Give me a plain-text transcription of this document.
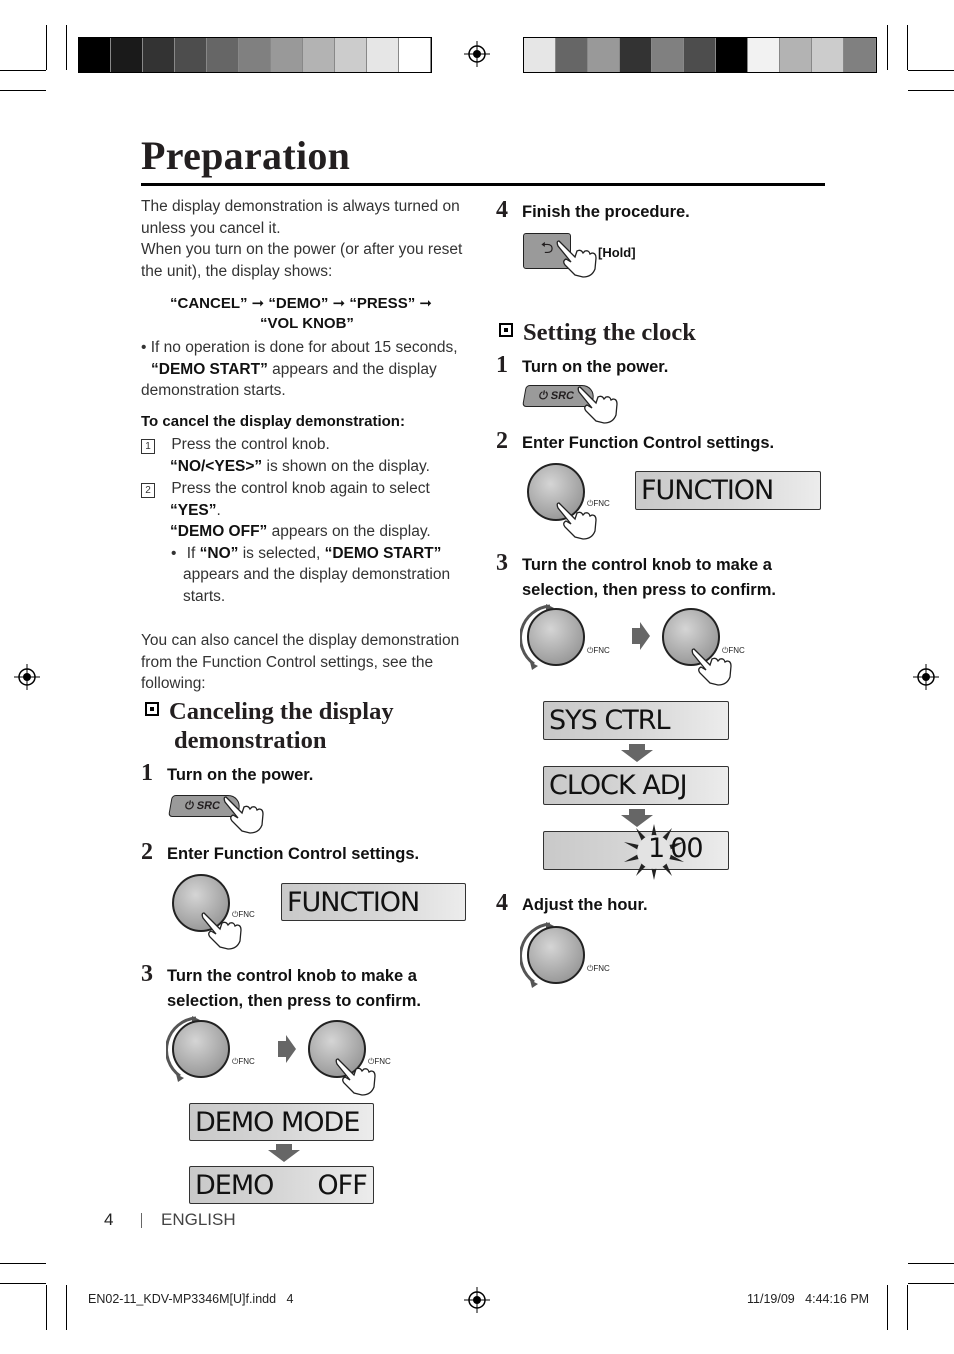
Preparation
The display demonstration is always turned on unless you cancel it.
When you turn on the power (or after you reset the unit), the display shows:
“CANCEL” ➞ “DEMO” ➞ “PRESS” ➞
“VOL KNOB”
• If no operation is done for about 15 seconds,
“DEMO START” appears and the display demonstration starts.
To cancel the display demonstration:
1 Press the control knob.
“NO/<YES>” is shown on the display.
2 Press the control knob again to select
“YES”.
“DEMO OFF” appears on the display.
• If “NO” is selected, “DEMO START”
appears and the display demonstration starts.
You can also cancel the display demonstration from the Function Control settings, see the following:
Canceling the display
demonstration
1 Turn on the power.
⏻ SRC
2 Enter Function Control settings.
⏻FNC FUNCTION
3 Turn the control knob to make a
selection, then press to confirm.
⏻FNC	⏻FNC
DEMO MODE
DEMO OFF
4 Finish the procedure.
⮌	[Hold]
Setting the clock
1 Turn on the power.
⏻ SRC
2 Enter Function Control settings.
⏻FNC FUNCTION
3 Turn the control knob to make a
selection, then press to confirm.
⏻FNC	⏻FNC
SYS CTRL
CLOCK ADJ
1 00
4 Adjust the hour.
⏻FNC
4	ENGLISH
EN02-11_KDV-MP3346M[U]f.indd   4	11/19/09   4:44:16 PM
